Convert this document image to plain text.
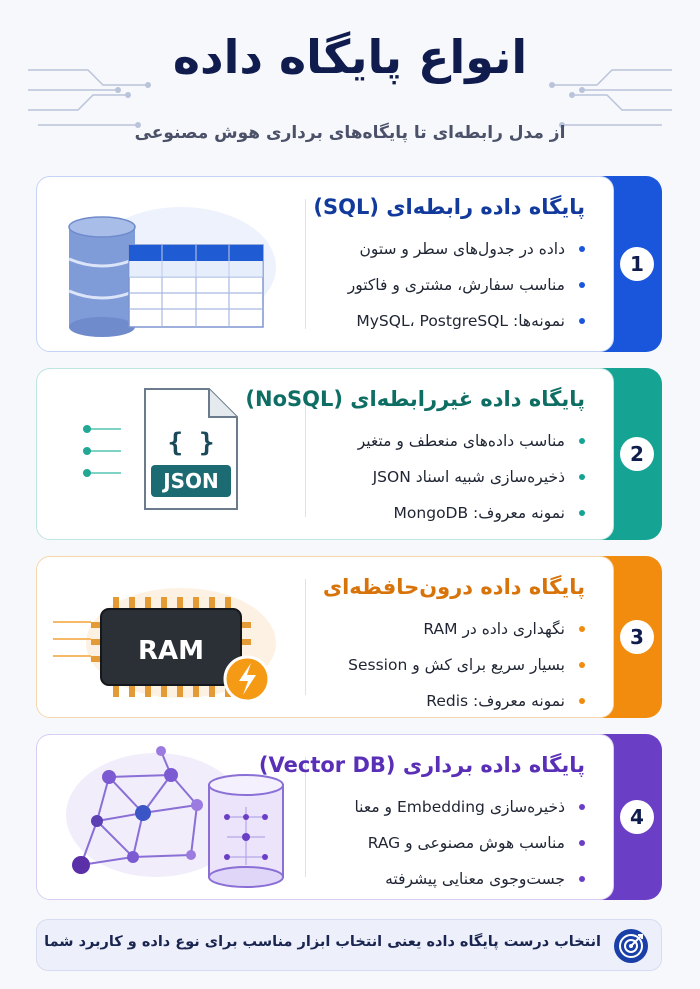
انواع پایگاه داده
از مدل رابطه‌ای تا پایگاه‌های برداری هوش مصنوعی
پایگاه داده رابطه‌ای (SQL)
داده در جدول‌های سطر و ستون
مناسب سفارش، مشتری و فاکتور
نمونه‌ها: MySQL، PostgreSQL
1
{ }
JSON
پایگاه داده غیررابطه‌ای (NoSQL)
مناسب داده‌های منعطف و متغیر
ذخیره‌سازی شبیه اسناد JSON
نمونه معروف: MongoDB
2
RAM
پایگاه داده درون‌حافظه‌ای
نگهداری داده در RAM
بسیار سریع برای کش و Session
نمونه معروف: Redis
3
پایگاه داده برداری (Vector DB)
ذخیره‌سازی Embedding و معنا
مناسب هوش مصنوعی و RAG
جست‌وجوی معنایی پیشرفته
4
انتخاب درست پایگاه داده یعنی انتخاب ابزار مناسب برای نوع داده و کاربرد شما
